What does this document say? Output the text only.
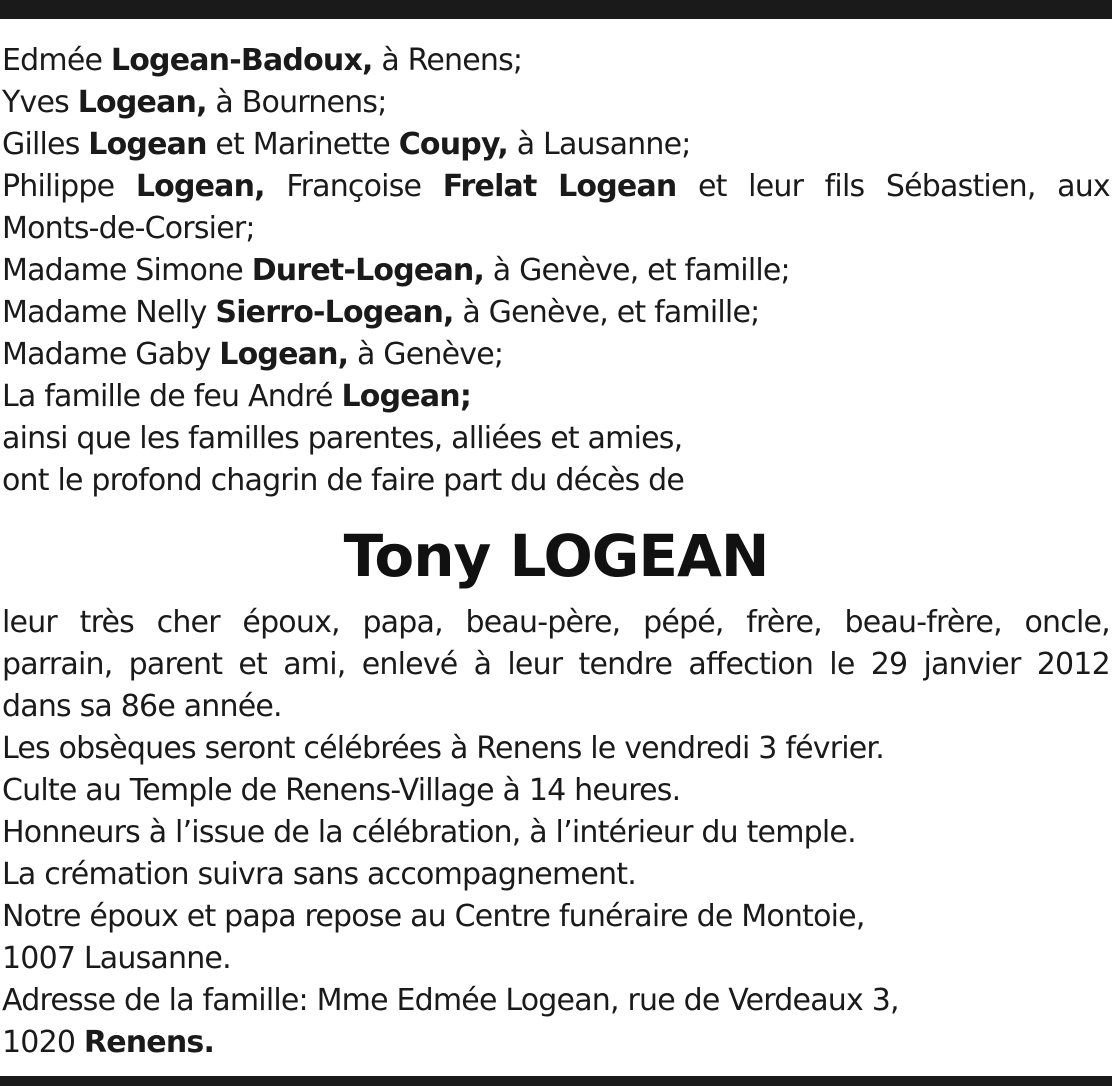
Edmée Logean-Badoux, à Renens;
Yves Logean, à Bournens;
Gilles Logean et Marinette Coupy, à Lausanne;
Philippe Logean, Françoise Frelat Logean et leur fils Sébastien, aux
Monts-de-Corsier;
Madame Simone Duret-Logean, à Genève, et famille;
Madame Nelly Sierro-Logean, à Genève, et famille;
Madame Gaby Logean, à Genève;
La famille de feu André Logean;
ainsi que les familles parentes, alliées et amies,
ont le profond chagrin de faire part du décès de
Tony LOGEAN
leur très cher époux, papa, beau-père, pépé, frère, beau-frère, oncle,
parrain, parent et ami, enlevé à leur tendre affection le 29 janvier 2012
dans sa 86e année.
Les obsèques seront célébrées à Renens le vendredi 3 février.
Culte au Temple de Renens-Village à 14 heures.
Honneurs à l’issue de la célébration, à l’intérieur du temple.
La crémation suivra sans accompagnement.
Notre époux et papa repose au Centre funéraire de Montoie,
1007 Lausanne.
Adresse de la famille: Mme Edmée Logean, rue de Verdeaux 3,
1020 Renens.
